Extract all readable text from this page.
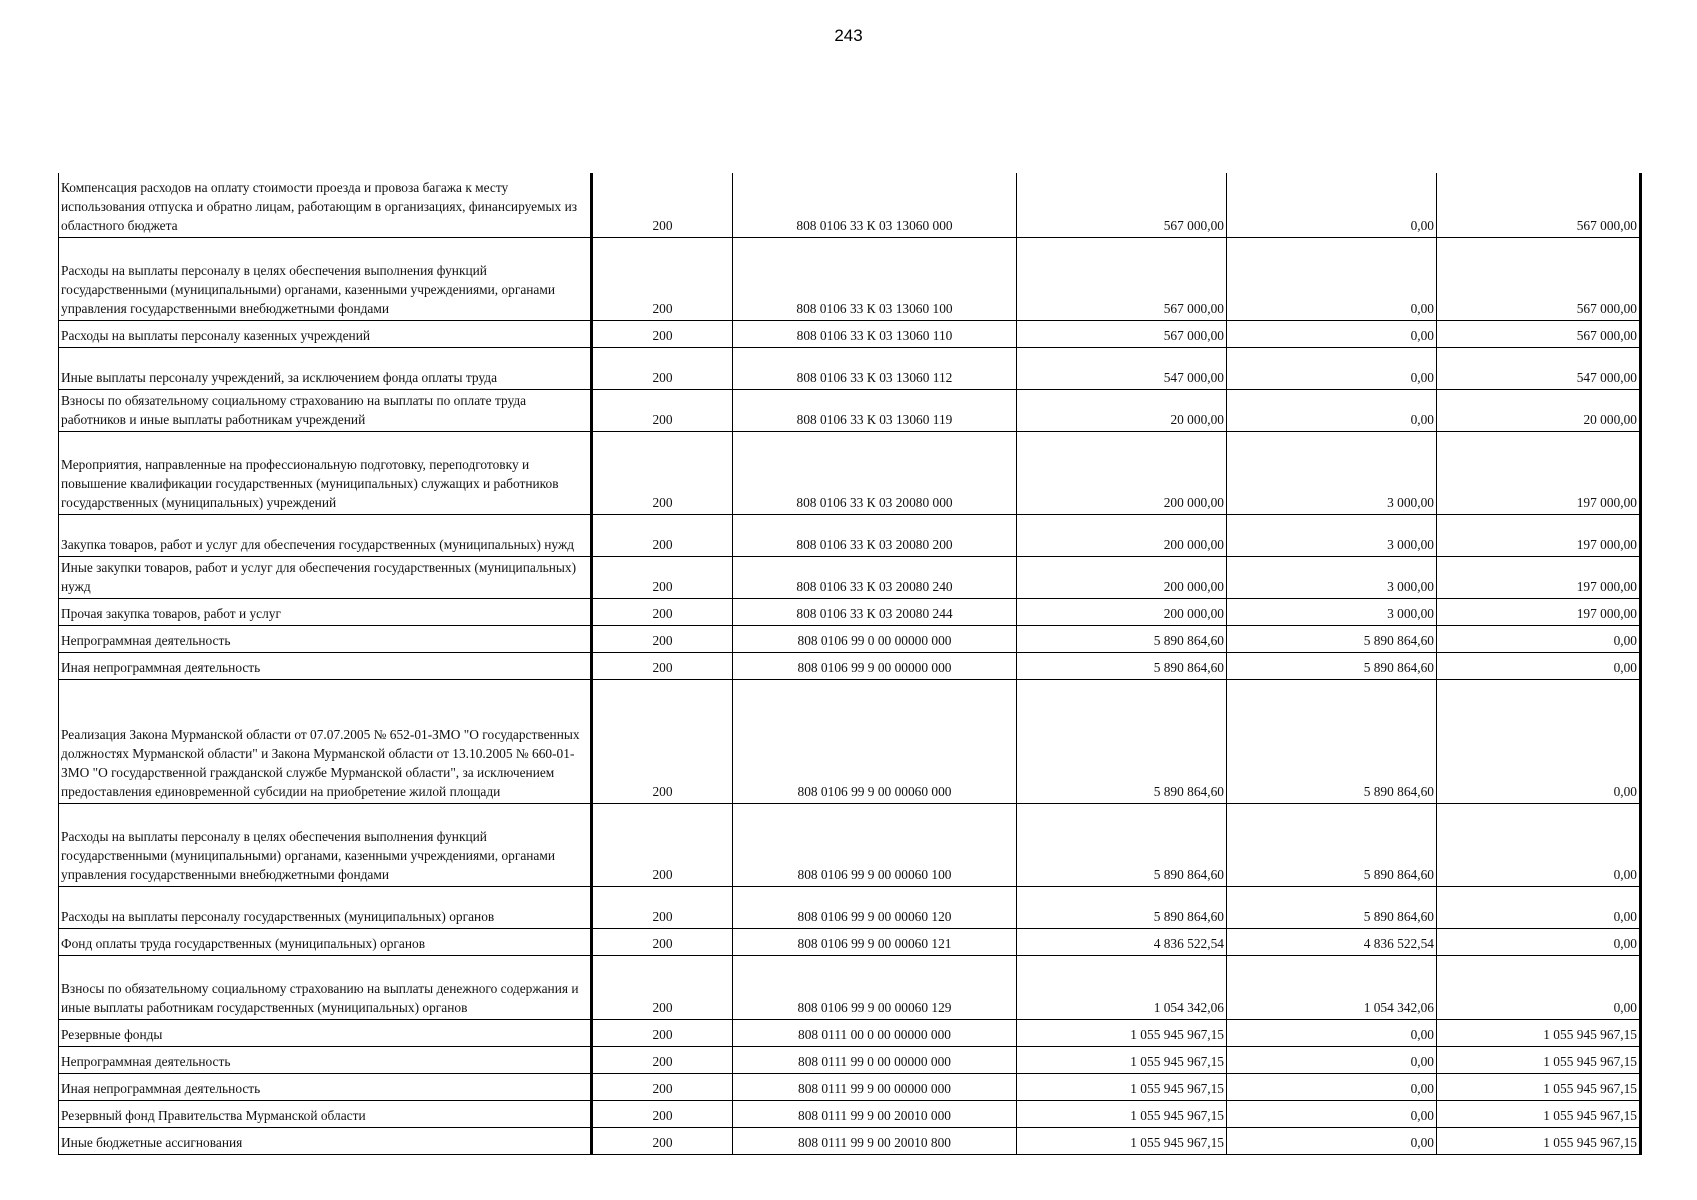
243
Компенсация расходов на оплату стоимости проезда и провоза багажа к месту использования отпуска и обратно лицам, работающим в организациях, финансируемых из областного бюджета	200	808 0106 33 К 03 13060 000	567 000,00	0,00	567 000,00
Расходы на выплаты персоналу в целях обеспечения выполнения функций государственными (муниципальными) органами, казенными учреждениями, органами управления государственными внебюджетными фондами	200	808 0106 33 К 03 13060 100	567 000,00	0,00	567 000,00
Расходы на выплаты персоналу казенных учреждений	200	808 0106 33 К 03 13060 110	567 000,00	0,00	567 000,00
Иные выплаты персоналу учреждений, за исключением фонда оплаты труда	200	808 0106 33 К 03 13060 112	547 000,00	0,00	547 000,00
Взносы по обязательному социальному страхованию на выплаты по оплате труда работников и иные выплаты работникам учреждений	200	808 0106 33 К 03 13060 119	20 000,00	0,00	20 000,00
Мероприятия, направленные на профессиональную подготовку, переподготовку и повышение квалификации государственных (муниципальных) служащих и работников государственных (муниципальных) учреждений	200	808 0106 33 К 03 20080 000	200 000,00	3 000,00	197 000,00
Закупка товаров, работ и услуг для обеспечения государственных (муниципальных) нужд	200	808 0106 33 К 03 20080 200	200 000,00	3 000,00	197 000,00
Иные закупки товаров, работ и услуг для обеспечения государственных (муниципальных) нужд	200	808 0106 33 К 03 20080 240	200 000,00	3 000,00	197 000,00
Прочая закупка товаров, работ и услуг	200	808 0106 33 К 03 20080 244	200 000,00	3 000,00	197 000,00
Непрограммная деятельность	200	808 0106 99 0 00 00000 000	5 890 864,60	5 890 864,60	0,00
Иная непрограммная деятельность	200	808 0106 99 9 00 00000 000	5 890 864,60	5 890 864,60	0,00
Реализация Закона Мурманской области от 07.07.2005 № 652-01-ЗМО "О государственных должностях Мурманской области" и Закона Мурманской области от 13.10.2005 № 660-01-ЗМО "О государственной гражданской службе Мурманской области", за исключением предоставления единовременной субсидии на приобретение жилой площади	200	808 0106 99 9 00 00060 000	5 890 864,60	5 890 864,60	0,00
Расходы на выплаты персоналу в целях обеспечения выполнения функций государственными (муниципальными) органами, казенными учреждениями, органами управления государственными внебюджетными фондами	200	808 0106 99 9 00 00060 100	5 890 864,60	5 890 864,60	0,00
Расходы на выплаты персоналу государственных (муниципальных) органов	200	808 0106 99 9 00 00060 120	5 890 864,60	5 890 864,60	0,00
Фонд оплаты труда государственных (муниципальных) органов	200	808 0106 99 9 00 00060 121	4 836 522,54	4 836 522,54	0,00
Взносы по обязательному социальному страхованию на выплаты денежного содержания и иные выплаты работникам государственных (муниципальных) органов	200	808 0106 99 9 00 00060 129	1 054 342,06	1 054 342,06	0,00
Резервные фонды	200	808 0111 00 0 00 00000 000	1 055 945 967,15	0,00	1 055 945 967,15
Непрограммная деятельность	200	808 0111 99 0 00 00000 000	1 055 945 967,15	0,00	1 055 945 967,15
Иная непрограммная деятельность	200	808 0111 99 9 00 00000 000	1 055 945 967,15	0,00	1 055 945 967,15
Резервный фонд Правительства Мурманской области	200	808 0111 99 9 00 20010 000	1 055 945 967,15	0,00	1 055 945 967,15
Иные бюджетные ассигнования	200	808 0111 99 9 00 20010 800	1 055 945 967,15	0,00	1 055 945 967,15
